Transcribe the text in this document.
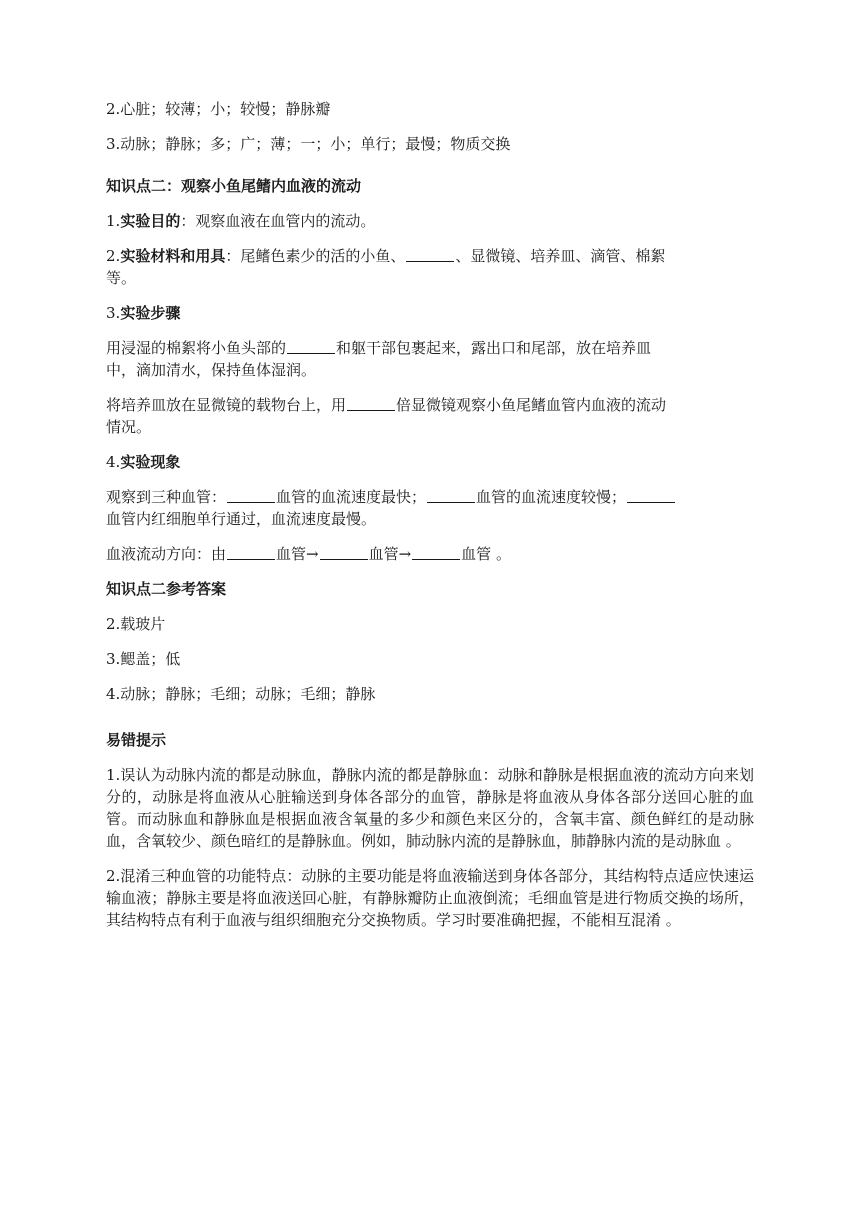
2.心脏；较薄；小；较慢；静脉瓣

3.动脉；静脉；多；广；薄；一；小；单行；最慢；物质交换

知识点二：观察小鱼尾鳍内血液的流动

1.实验目的：观察血液在血管内的流动。

2.实验材料和用具：尾鳍色素少的活的小鱼、	、显微镜、培养皿、滴管、棉絮

等。

3.实验步骤

用浸湿的棉絮将小鱼头部的	和躯干部包裹起来，露出口和尾部，放在培养皿

中，滴加清水，保持鱼体湿润。

将培养皿放在显微镜的载物台上，用	倍显微镜观察小鱼尾鳍血管内血液的流动

情况。

4.实验现象

观察到三种血管：	血管的血流速度最快；	血管的血流速度较慢；

血管内红细胞单行通过，血流速度最慢。

血液流动方向：由	血管→	血管→	血管 。

知识点二参考答案

2.载玻片

3.鳃盖；低

4.动脉；静脉；毛细；动脉；毛细；静脉

易错提示

1.误认为动脉内流的都是动脉血，静脉内流的都是静脉血：动脉和静脉是根据血液的流动方向来划分的，动脉是将血液从心脏输送到身体各部分的血管，静脉是将血液从身体各部分送回心脏的血管。而动脉血和静脉血是根据血液含氧量的多少和颜色来区分的，含氧丰富、颜色鲜红的是动脉血，含氧较少、颜色暗红的是静脉血。例如，肺动脉内流的是静脉血，肺静脉内流的是动脉血 。

2.混淆三种血管的功能特点：动脉的主要功能是将血液输送到身体各部分，其结构特点适应快速运输血液；静脉主要是将血液送回心脏，有静脉瓣防止血液倒流；毛细血管是进行物质交换的场所，其结构特点有利于血液与组织细胞充分交换物质。学习时要准确把握，不能相互混淆 。
